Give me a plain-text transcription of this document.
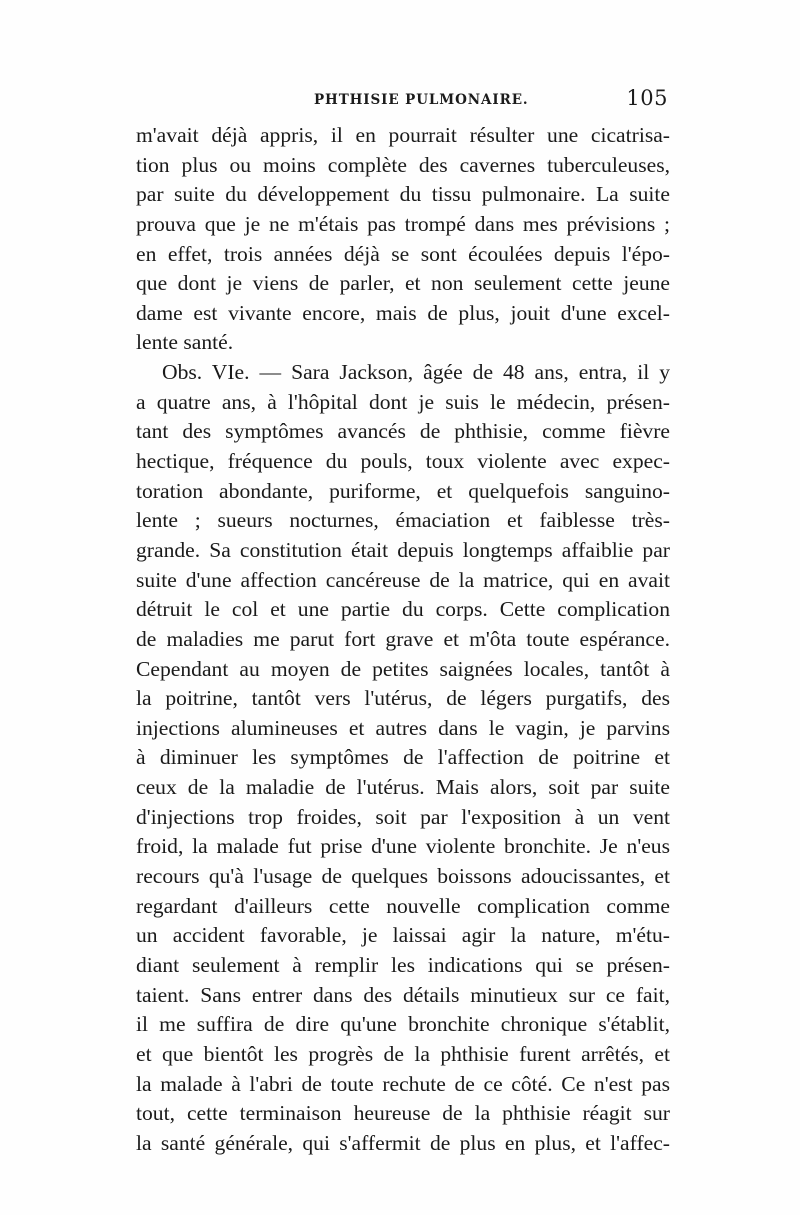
PHTHISIE PULMONAIRE.	105
m'avait déjà appris, il en pourrait résulter une cicatrisa-
tion plus ou moins complète des cavernes tuberculeuses,
par suite du développement du tissu pulmonaire. La suite
prouva que je ne m'étais pas trompé dans mes prévisions ;
en effet, trois années déjà se sont écoulées depuis l'épo-
que dont je viens de parler, et non seulement cette jeune
dame est vivante encore, mais de plus, jouit d'une excel-
lente santé.
Obs. VIe. — Sara Jackson, âgée de 48 ans, entra, il y
a quatre ans, à l'hôpital dont je suis le médecin, présen-
tant des symptômes avancés de phthisie, comme fièvre
hectique, fréquence du pouls, toux violente avec expec-
toration abondante, puriforme, et quelquefois sanguino-
lente ; sueurs nocturnes, émaciation et faiblesse très-
grande. Sa constitution était depuis longtemps affaiblie par
suite d'une affection cancéreuse de la matrice, qui en avait
détruit le col et une partie du corps. Cette complication
de maladies me parut fort grave et m'ôta toute espérance.
Cependant au moyen de petites saignées locales, tantôt à
la poitrine, tantôt vers l'utérus, de légers purgatifs, des
injections alumineuses et autres dans le vagin, je parvins
à diminuer les symptômes de l'affection de poitrine et
ceux de la maladie de l'utérus. Mais alors, soit par suite
d'injections trop froides, soit par l'exposition à un vent
froid, la malade fut prise d'une violente bronchite. Je n'eus
recours qu'à l'usage de quelques boissons adoucissantes, et
regardant d'ailleurs cette nouvelle complication comme
un accident favorable, je laissai agir la nature, m'étu-
diant seulement à remplir les indications qui se présen-
taient. Sans entrer dans des détails minutieux sur ce fait,
il me suffira de dire qu'une bronchite chronique s'établit,
et que bientôt les progrès de la phthisie furent arrêtés, et
la malade à l'abri de toute rechute de ce côté. Ce n'est pas
tout, cette terminaison heureuse de la phthisie réagit sur
la santé générale, qui s'affermit de plus en plus, et l'affec-
